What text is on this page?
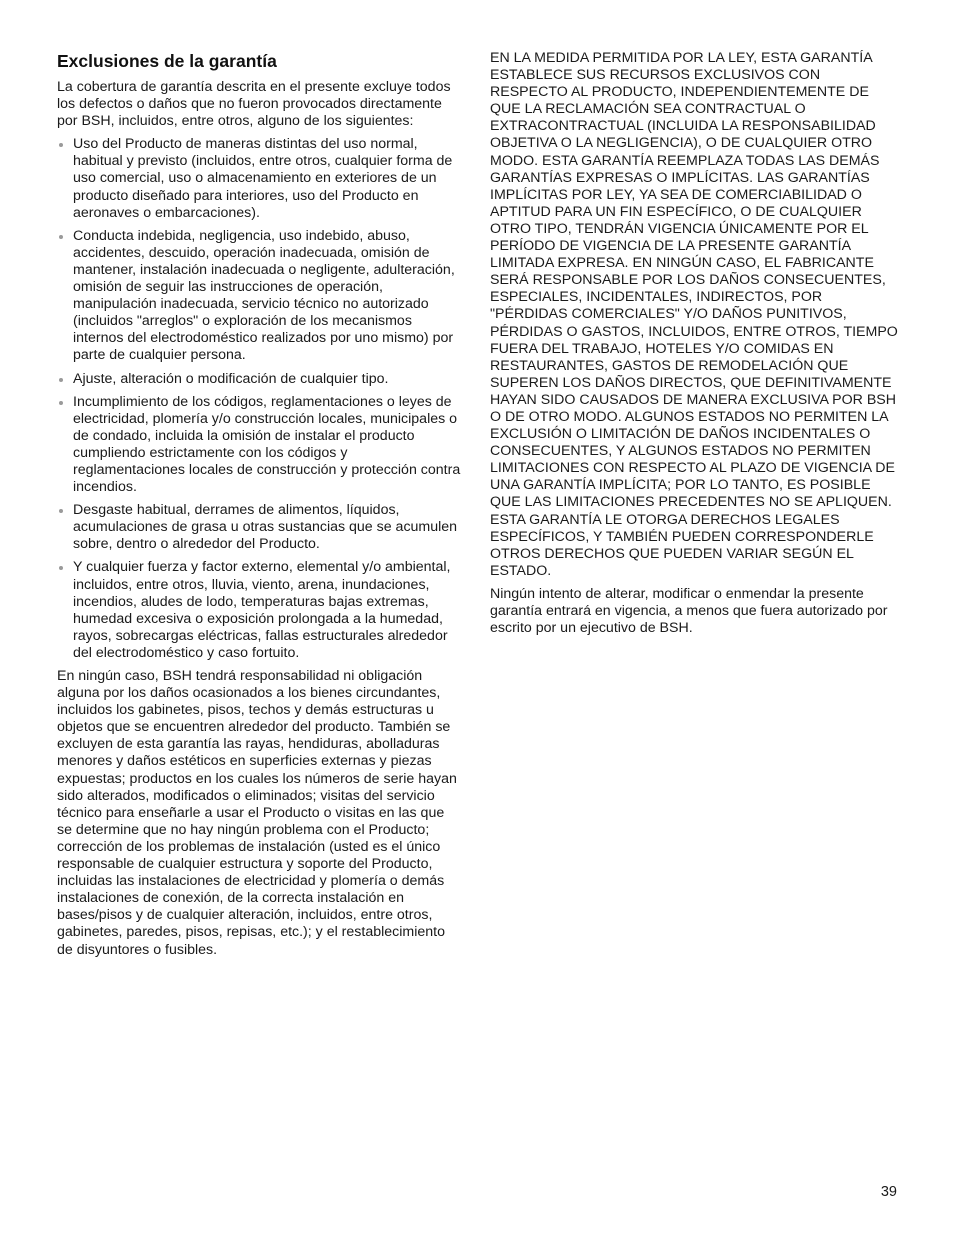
Exclusiones de la garantía

La cobertura de garantía descrita en el presente excluye todos los defectos o daños que no fueron provocados directamente por BSH, incluidos, entre otros, alguno de los siguientes:

Uso del Producto de maneras distintas del uso normal, habitual y previsto (incluidos, entre otros, cualquier forma de uso comercial, uso o almacenamiento en exteriores de un producto diseñado para interiores, uso del Producto en aeronaves o embarcaciones).
Conducta indebida, negligencia, uso indebido, abuso, accidentes, descuido, operación inadecuada, omisión de mantener, instalación inadecuada o negligente, adulteración, omisión de seguir las instrucciones de operación, manipulación inadecuada, servicio técnico no autorizado (incluidos "arreglos" o exploración de los mecanismos internos del electrodoméstico realizados por uno mismo) por parte de cualquier persona.
Ajuste, alteración o modificación de cualquier tipo.
Incumplimiento de los códigos, reglamentaciones o leyes de electricidad, plomería y/o construcción locales, municipales o de condado, incluida la omisión de instalar el producto cumpliendo estrictamente con los códigos y reglamentaciones locales de construcción y protección contra incendios.
Desgaste habitual, derrames de alimentos, líquidos, acumulaciones de grasa u otras sustancias que se acumulen sobre, dentro o alrededor del Producto.
Y cualquier fuerza y factor externo, elemental y/o ambiental, incluidos, entre otros, lluvia, viento, arena, inundaciones, incendios, aludes de lodo, temperaturas bajas extremas, humedad excesiva o exposición prolongada a la humedad, rayos, sobrecargas eléctricas, fallas estructurales alrededor del electrodoméstico y caso fortuito.

En ningún caso, BSH tendrá responsabilidad ni obligación alguna por los daños ocasionados a los bienes circundantes, incluidos los gabinetes, pisos, techos y demás estructuras u objetos que se encuentren alrededor del producto. También se excluyen de esta garantía las rayas, hendiduras, abolladuras menores y daños estéticos en superficies externas y piezas expuestas; productos en los cuales los números de serie hayan sido alterados, modificados o eliminados; visitas del servicio técnico para enseñarle a usar el Producto o visitas en las que se determine que no hay ningún problema con el Producto; corrección de los problemas de instalación (usted es el único responsable de cualquier estructura y soporte del Producto, incluidas las instalaciones de electricidad y plomería o demás instalaciones de conexión, de la correcta instalación en bases/pisos y de cualquier alteración, incluidos, entre otros, gabinetes, paredes, pisos, repisas, etc.); y el restablecimiento de disyuntores o fusibles.

EN LA MEDIDA PERMITIDA POR LA LEY, ESTA GARANTÍA ESTABLECE SUS RECURSOS EXCLUSIVOS CON RESPECTO AL PRODUCTO, INDEPENDIENTEMENTE DE QUE LA RECLAMACIÓN SEA CONTRACTUAL O EXTRACONTRACTUAL (INCLUIDA LA RESPONSABILIDAD OBJETIVA O LA NEGLIGENCIA), O DE CUALQUIER OTRO MODO. ESTA GARANTÍA REEMPLAZA TODAS LAS DEMÁS GARANTÍAS EXPRESAS O IMPLÍCITAS. LAS GARANTÍAS IMPLÍCITAS POR LEY, YA SEA DE COMERCIABILIDAD O APTITUD PARA UN FIN ESPECÍFICO, O DE CUALQUIER OTRO TIPO, TENDRÁN VIGENCIA ÚNICAMENTE POR EL PERÍODO DE VIGENCIA DE LA PRESENTE GARANTÍA LIMITADA EXPRESA. EN NINGÚN CASO, EL FABRICANTE SERÁ RESPONSABLE POR LOS DAÑOS CONSECUENTES, ESPECIALES, INCIDENTALES, INDIRECTOS, POR "PÉRDIDAS COMERCIALES" Y/O DAÑOS PUNITIVOS, PÉRDIDAS O GASTOS, INCLUIDOS, ENTRE OTROS, TIEMPO FUERA DEL TRABAJO, HOTELES Y/O COMIDAS EN RESTAURANTES, GASTOS DE REMODELACIÓN QUE SUPEREN LOS DAÑOS DIRECTOS, QUE DEFINITIVAMENTE HAYAN SIDO CAUSADOS DE MANERA EXCLUSIVA POR BSH O DE OTRO MODO. ALGUNOS ESTADOS NO PERMITEN LA EXCLUSIÓN O LIMITACIÓN DE DAÑOS INCIDENTALES O CONSECUENTES, Y ALGUNOS ESTADOS NO PERMITEN LIMITACIONES CON RESPECTO AL PLAZO DE VIGENCIA DE UNA GARANTÍA IMPLÍCITA; POR LO TANTO, ES POSIBLE QUE LAS LIMITACIONES PRECEDENTES NO SE APLIQUEN. ESTA GARANTÍA LE OTORGA DERECHOS LEGALES ESPECÍFICOS, Y TAMBIÉN PUEDEN CORRESPONDERLE OTROS DERECHOS QUE PUEDEN VARIAR SEGÚN EL ESTADO.

Ningún intento de alterar, modificar o enmendar la presente garantía entrará en vigencia, a menos que fuera autorizado por escrito por un ejecutivo de BSH.

39
